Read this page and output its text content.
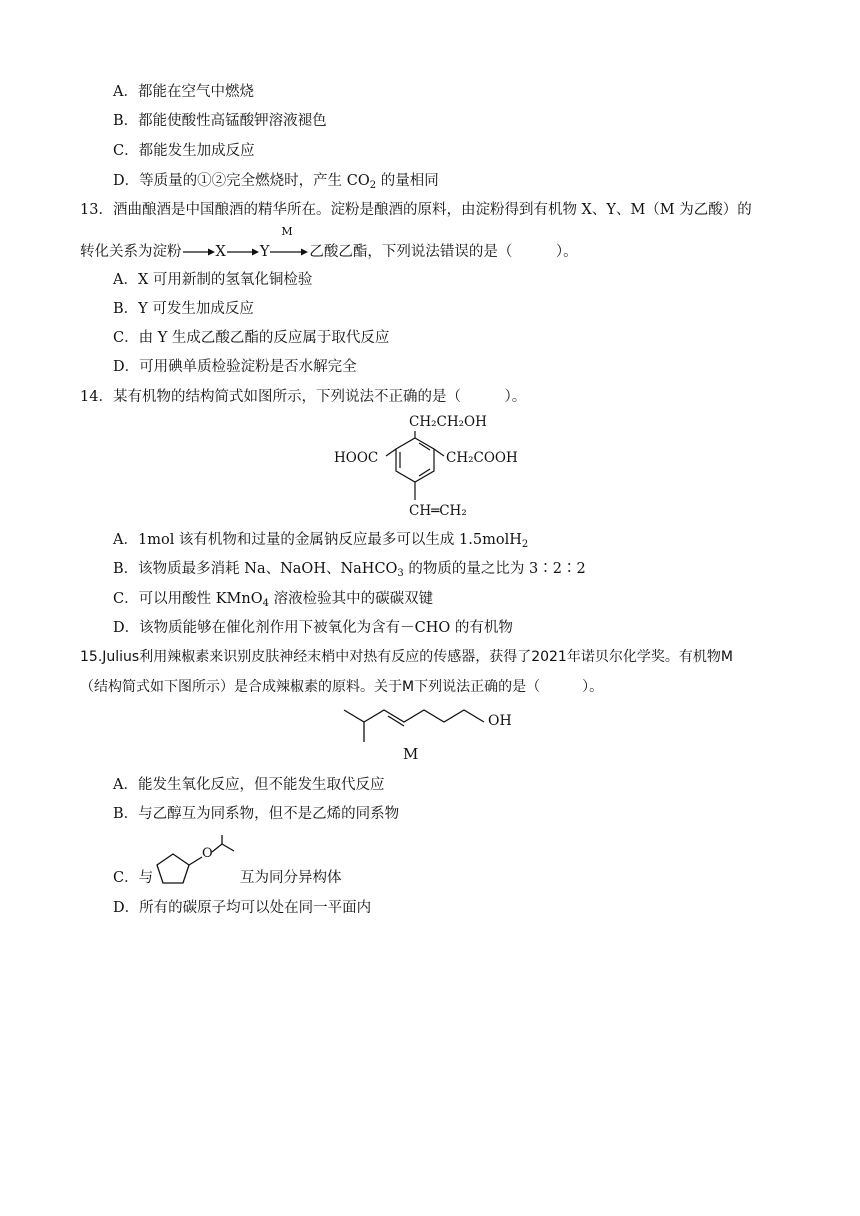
A．都能在空气中燃烧
B．都能使酸性高锰酸钾溶液褪色
C．都能发生加成反应
D．等质量的①②完全燃烧时，产生 $CO_2$ 的量相同
13．酒曲酿酒是中国酿酒的精华所在。淀粉是酿酒的原料，由淀粉得到有机物 X、Y、M（M 为乙酸）的
转化关系为淀粉 X Y
M
乙酸乙酯，下列说法错误的是（　　　）。
A．X 可用新制的氢氧化铜检验
B．Y 可发生加成反应
C．由 Y 生成乙酸乙酯的反应属于取代反应
D．可用碘单质检验淀粉是否水解完全
14．某有机物的结构简式如图所示，下列说法不正确的是（　　　）。
CH₂CH₂OH
HOOC	CH₂COOH
CH═CH₂
A．1mol 该有机物和过量的金属钠反应最多可以生成 1.5molH$_2$
B．该物质最多消耗 Na、NaOH、NaHCO$_3$ 的物质的量之比为 3∶2∶2
C．可以用酸性 KMnO$_4$ 溶液检验其中的碳碳双键
D．该物质能够在催化剂作用下被氧化为含有－CHO 的有机物
15.Julius利用辣椒素来识别皮肤神经末梢中对热有反应的传感器，获得了2021年诺贝尔化学奖。有机物M
（结构简式如下图所示）是合成辣椒素的原料。关于M下列说法正确的是（　　　）。
OH
M
A．能发生氧化反应，但不能发生取代反应
B．与乙醇互为同系物，但不是乙烯的同系物
C．与
O
互为同分异构体
D．所有的碳原子均可以处在同一平面内
